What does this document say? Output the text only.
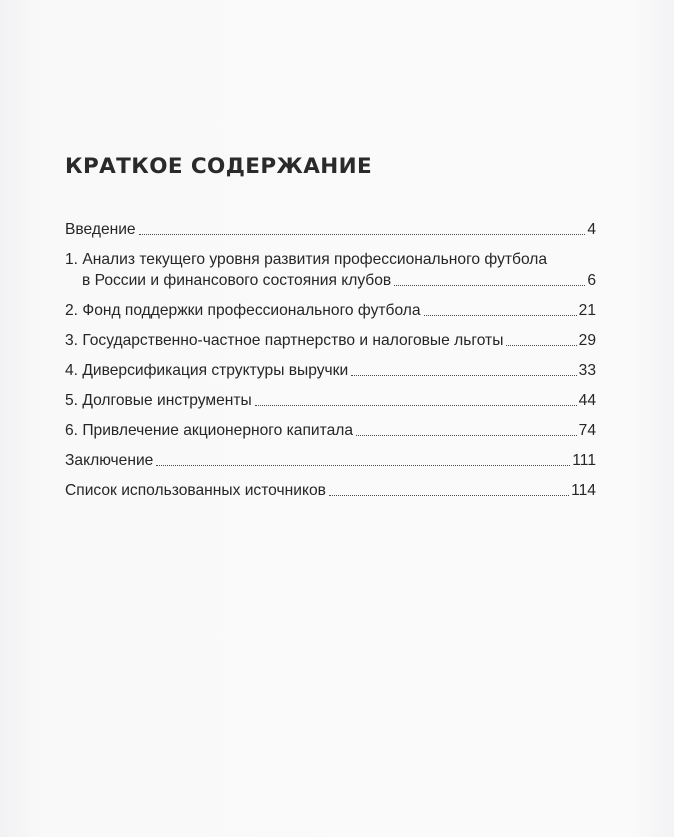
КРАТКОЕ СОДЕРЖАНИЕ
Введение	4
1. Анализ текущего уровня развития профессионального футбола
в России и финансового состояния клубов	6
2. Фонд поддержки профессионального футбола	21
3. Государственно-частное партнерство и налоговые льготы	29
4. Диверсификация структуры выручки	33
5. Долговые инструменты	44
6. Привлечение акционерного капитала	74
Заключение	111
Список использованных источников	114
